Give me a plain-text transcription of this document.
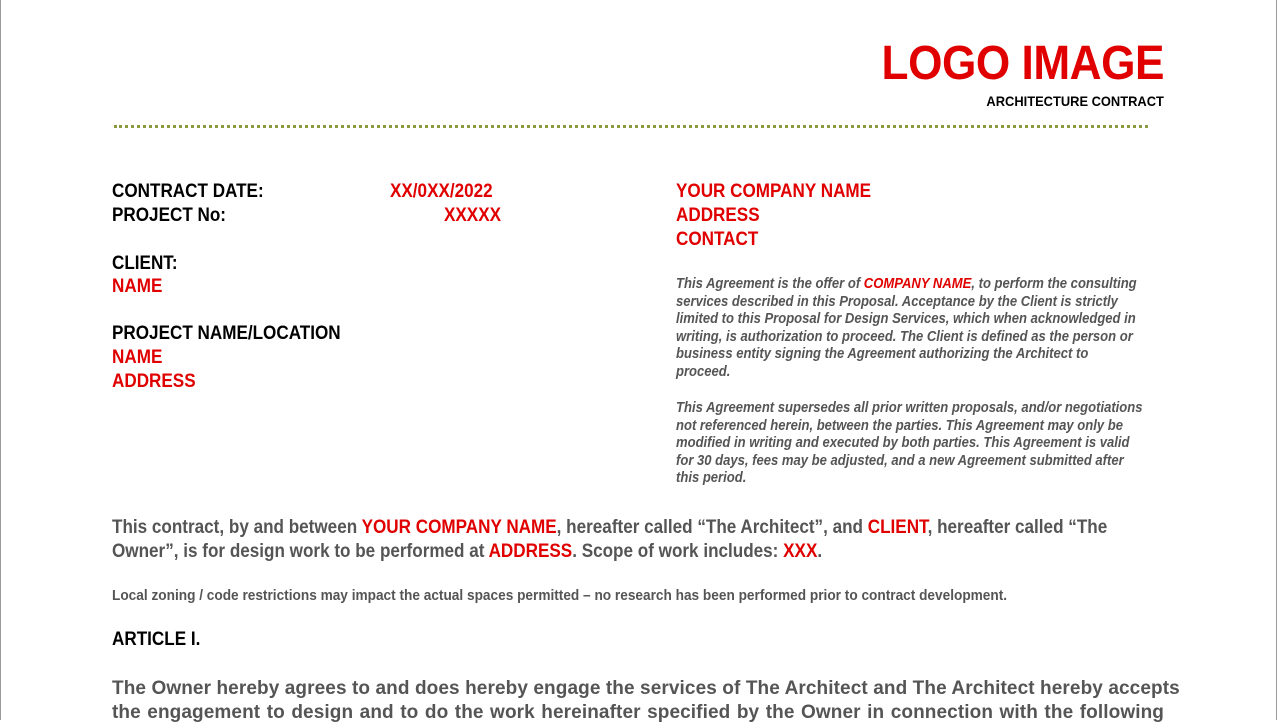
LOGO IMAGE
ARCHITECTURE CONTRACT
CONTRACT DATE:	XX/0XX/2022
PROJECT No:	XXXXX
CLIENT:
NAME
PROJECT NAME/LOCATION
NAME
ADDRESS
YOUR COMPANY NAME
ADDRESS
CONTACT
This Agreement is the offer of COMPANY NAME, to perform the consulting services described in this Proposal. Acceptance by the Client is strictly limited to this Proposal for Design Services, which when acknowledged in writing, is authorization to proceed. The Client is defined as the person or business entity signing the Agreement authorizing the Architect to proceed.
This Agreement supersedes all prior written proposals, and/or negotiations not referenced herein, between the parties. This Agreement may only be modified in writing and executed by both parties. This Agreement is valid for 30 days, fees may be adjusted, and a new Agreement submitted after this period.
This contract, by and between YOUR COMPANY NAME, hereafter called “The Architect”, and CLIENT, hereafter called “The Owner”, is for design work to be performed at ADDRESS. Scope of work includes: XXX.
Local zoning / code restrictions may impact the actual spaces permitted – no research has been performed prior to contract development.
ARTICLE I.
The Owner hereby agrees to and does hereby engage the services of The Architect and The Architect hereby accepts
the engagement to design and to do the work hereinafter specified by the Owner in connection with the following
